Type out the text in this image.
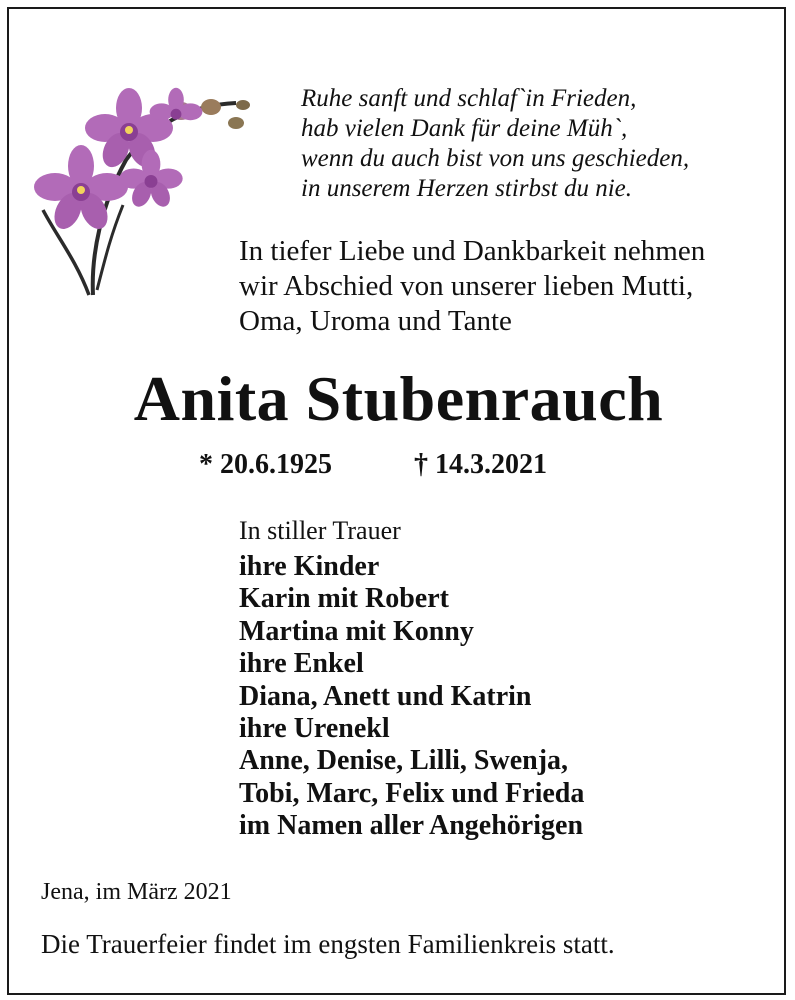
Ruhe sanft und schlaf`in Frieden,
hab vielen Dank für deine Müh`,
wenn du auch bist von uns geschieden,
in unserem Herzen stirbst du nie.
In tiefer Liebe und Dankbarkeit nehmen
wir Abschied von unserer lieben Mutti,
Oma, Uroma und Tante
Anita Stubenrauch
* 20.6.1925	† 14.3.2021
In stiller Trauer
ihre Kinder
Karin mit Robert
Martina mit Konny
ihre Enkel
Diana, Anett und Katrin
ihre Urenekl
Anne, Denise, Lilli, Swenja,
Tobi, Marc, Felix und Frieda
im Namen aller Angehörigen
Jena, im März 2021
Die Trauerfeier findet im engsten Familienkreis statt.
